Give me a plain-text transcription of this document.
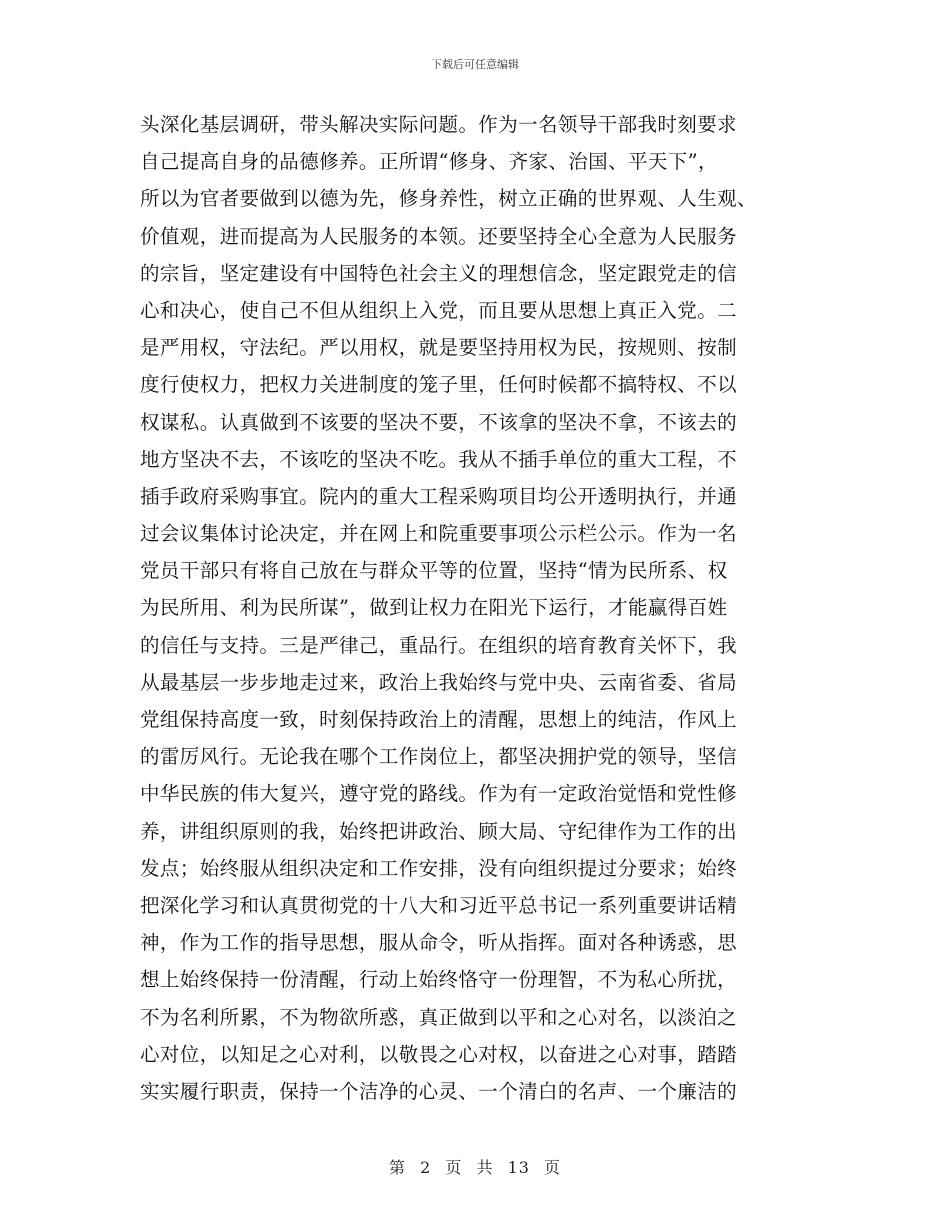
下载后可任意编辑
头深化基层调研，带头解决实际问题。作为一名领导干部我时刻要求
自己提高自身的品德修养。正所谓“修身、齐家、治国、平天下”，
所以为官者要做到以德为先，修身养性，树立正确的世界观、人生观、
价值观，进而提高为人民服务的本领。还要坚持全心全意为人民服务
的宗旨，坚定建设有中国特色社会主义的理想信念，坚定跟党走的信
心和决心，使自己不但从组织上入党，而且要从思想上真正入党。二
是严用权，守法纪。严以用权，就是要坚持用权为民，按规则、按制
度行使权力，把权力关进制度的笼子里，任何时候都不搞特权、不以
权谋私。认真做到不该要的坚决不要，不该拿的坚决不拿，不该去的
地方坚决不去，不该吃的坚决不吃。我从不插手单位的重大工程，不
插手政府采购事宜。院内的重大工程采购项目均公开透明执行，并通
过会议集体讨论决定，并在网上和院重要事项公示栏公示。作为一名
党员干部只有将自己放在与群众平等的位置，坚持“情为民所系、权
为民所用、利为民所谋”，做到让权力在阳光下运行，才能赢得百姓
的信任与支持。三是严律己，重品行。在组织的培育教育关怀下，我
从最基层一步步地走过来，政治上我始终与党中央、云南省委、省局
党组保持高度一致，时刻保持政治上的清醒，思想上的纯洁，作风上
的雷厉风行。无论我在哪个工作岗位上，都坚决拥护党的领导，坚信
中华民族的伟大复兴，遵守党的路线。作为有一定政治觉悟和党性修
养，讲组织原则的我，始终把讲政治、顾大局、守纪律作为工作的出
发点；始终服从组织决定和工作安排，没有向组织提过分要求；始终
把深化学习和认真贯彻党的十八大和习近平总书记一系列重要讲话精
神，作为工作的指导思想，服从命令，听从指挥。面对各种诱惑，思
想上始终保持一份清醒，行动上始终恪守一份理智，不为私心所扰，
不为名利所累，不为物欲所惑，真正做到以平和之心对名，以淡泊之
心对位，以知足之心对利，以敬畏之心对权，以奋进之心对事，踏踏
实实履行职责，保持一个洁净的心灵、一个清白的名声、一个廉洁的
第 2 页 共 13 页
